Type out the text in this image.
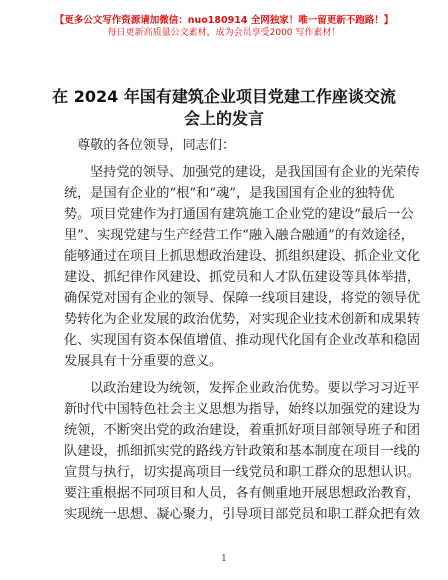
【更多公文写作资源请加微信：nuo180914 全网独家！唯一留更新不跑路！】
每日更新高质量公文素材，成为会员享受2000 写作素材！
在 2024 年国有建筑企业项目党建工作座谈交流
会上的发言
尊敬的各位领导，同志们：
坚持党的领导、加强党的建设，是我国国有企业的光荣传
统，是国有企业的“根”和“魂”，是我国国有企业的独特优
势。项目党建作为打通国有建筑施工企业党的建设“最后一公
里”、实现党建与生产经营工作“融入融合融通”的有效途径，
能够通过在项目上抓思想政治建设、抓组织建设、抓企业文化
建设、抓纪律作风建设、抓党员和人才队伍建设等具体举措，
确保党对国有企业的领导、保障一线项目建设，将党的领导优
势转化为企业发展的政治优势，对实现企业技术创新和成果转
化、实现国有资本保值增值、推动现代化国有企业改革和稳固
发展具有十分重要的意义。
以政治建设为统领，发挥企业政治优势。要以学习习近平
新时代中国特色社会主义思想为指导，始终以加强党的建设为
统领，不断突出党的政治建设，着重抓好项目部领导班子和团
队建设，抓细抓实党的路线方针政策和基本制度在项目一线的
宣贯与执行，切实提高项目一线党员和职工群众的思想认识。
要注重根据不同项目和人员，各有侧重地开展思想政治教育，
实现统一思想、凝心聚力，引导项目部党员和职工群众把有效
1
